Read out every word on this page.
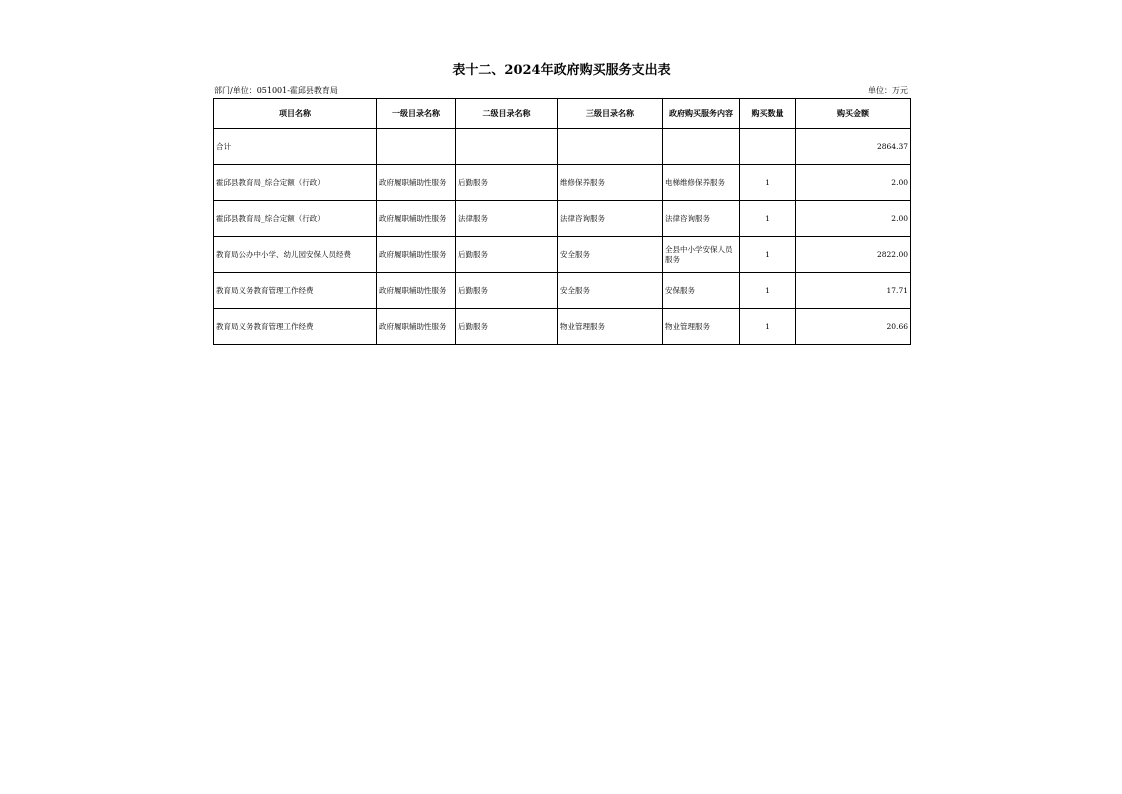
表十二、2024年政府购买服务支出表
部门/单位：051001-霍邱县教育局	单位：万元
项目名称	一级目录名称	二级目录名称	三级目录名称	政府购买服务内容	购买数量	购买金额
合计						2864.37
霍邱县教育局_综合定额（行政）	政府履职辅助性服务	后勤服务	维修保养服务	电梯维修保养服务	1	2.00
霍邱县教育局_综合定额（行政）	政府履职辅助性服务	法律服务	法律咨询服务	法律咨询服务	1	2.00
教育局公办中小学、幼儿园安保人员经费	政府履职辅助性服务	后勤服务	安全服务	全县中小学安保人员服务	1	2822.00
教育局义务教育管理工作经费	政府履职辅助性服务	后勤服务	安全服务	安保服务	1	17.71
教育局义务教育管理工作经费	政府履职辅助性服务	后勤服务	物业管理服务	物业管理服务	1	20.66
